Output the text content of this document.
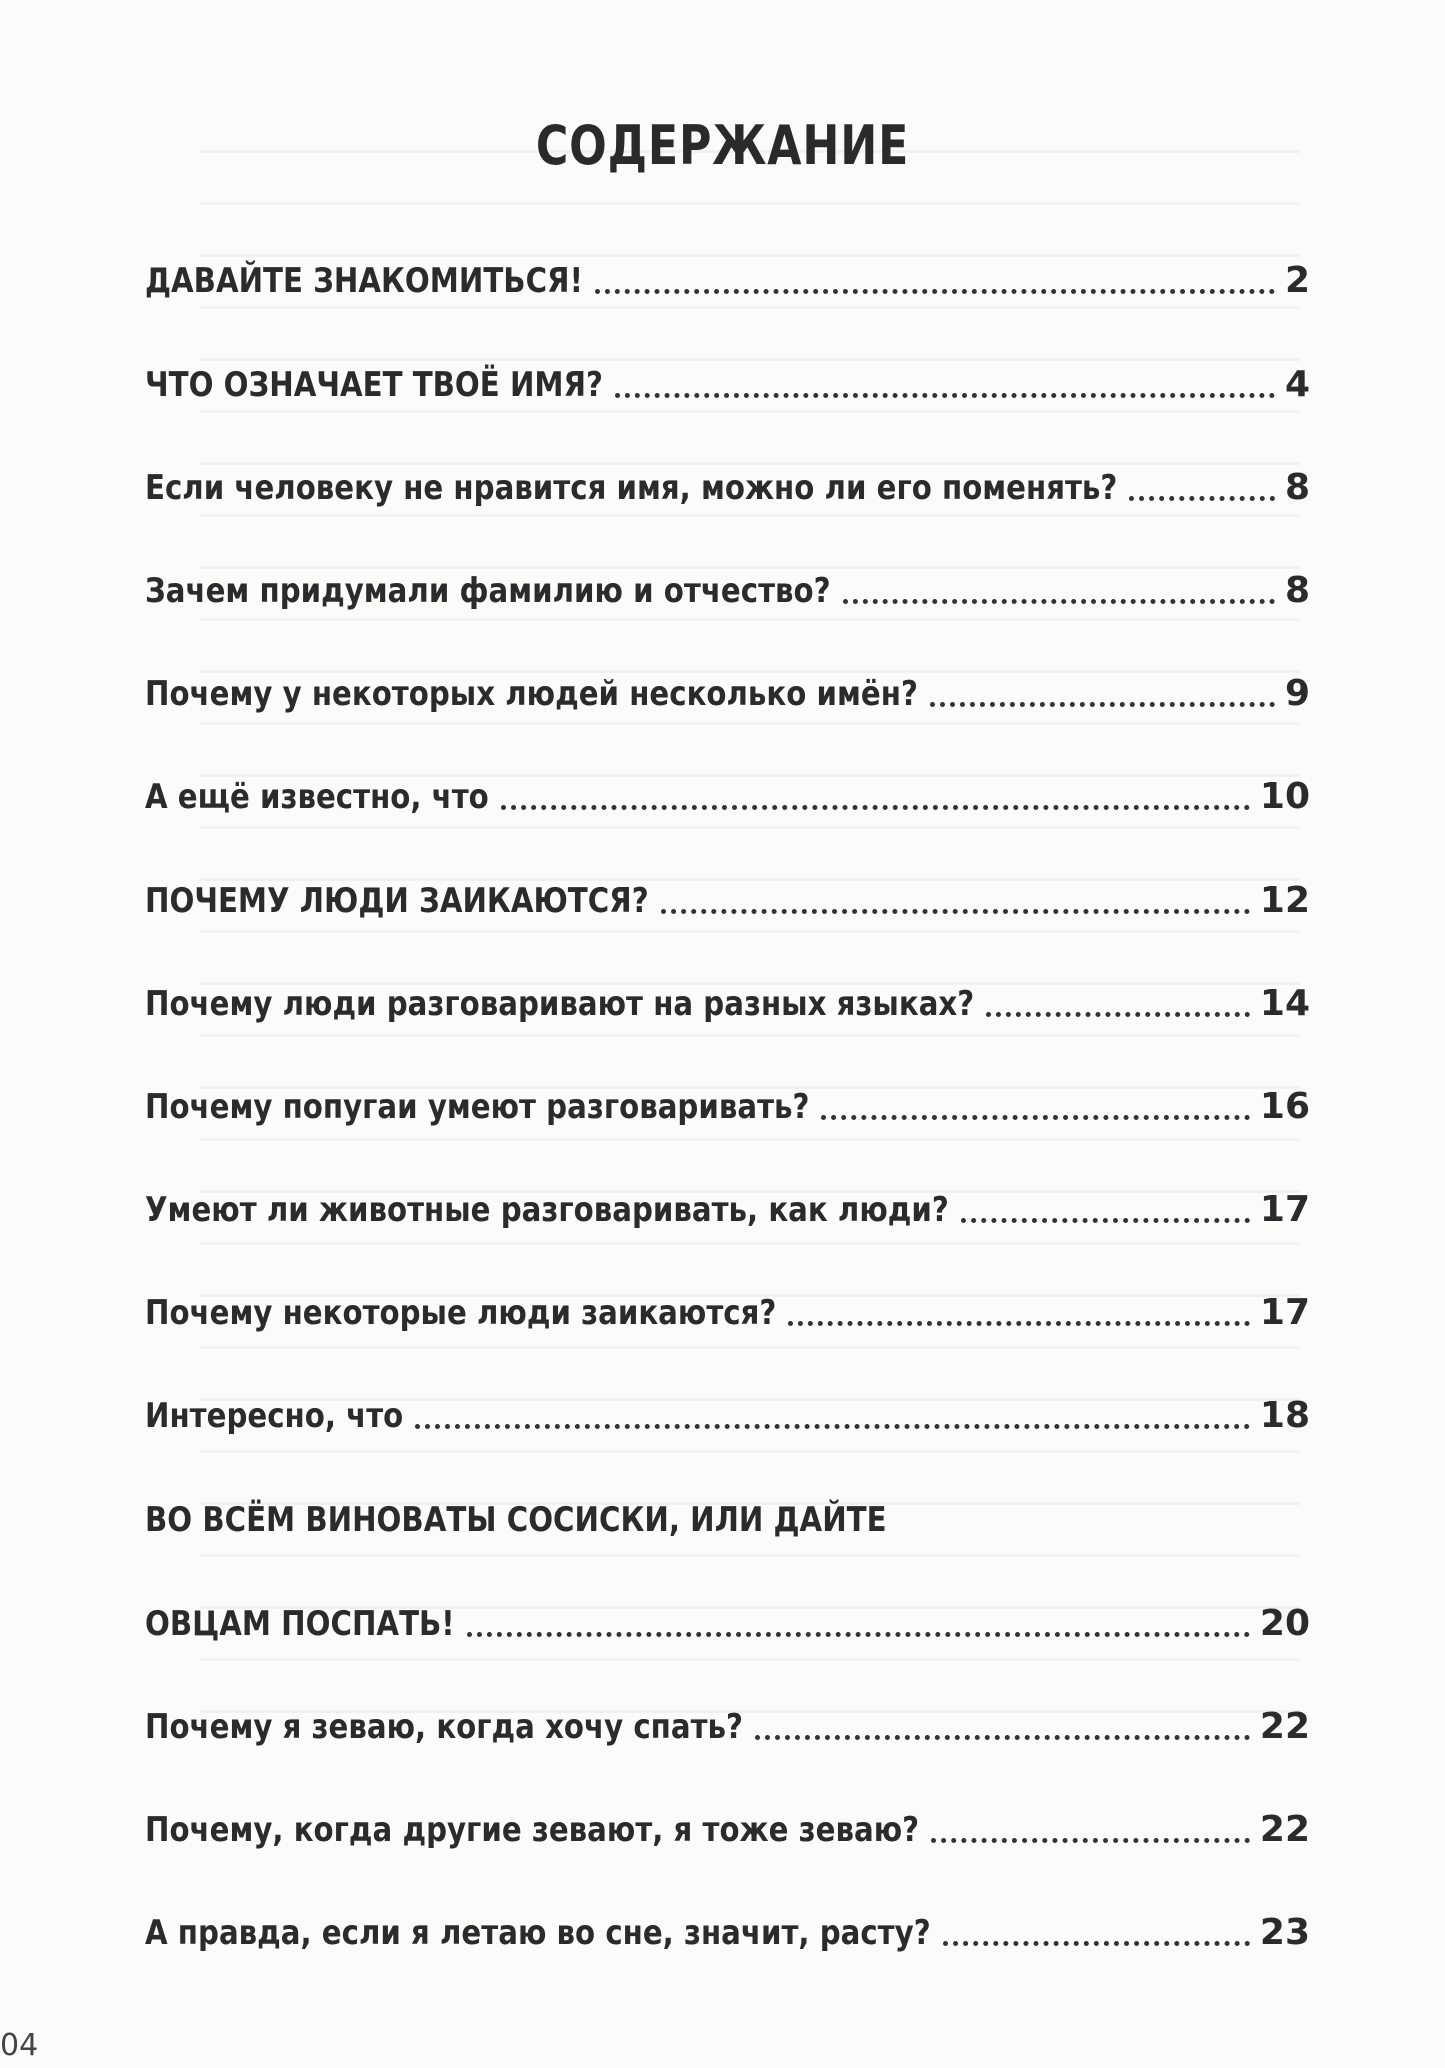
СОДЕРЖАНИЕ
ДАВАЙТЕ ЗНАКОМИТЬСЯ!	2
ЧТО ОЗНАЧАЕТ ТВОЁ ИМЯ?	4
Если человеку не нравится имя, можно ли его поменять?	8
Зачем придумали фамилию и отчество?	8
Почему у некоторых людей несколько имён?	9
А ещё известно, что	10
ПОЧЕМУ ЛЮДИ ЗАИКАЮТСЯ?	12
Почему люди разговаривают на разных языках?	14
Почему попугаи умеют разговаривать?	16
Умеют ли животные разговаривать, как люди?	17
Почему некоторые люди заикаются?	17
Интересно, что	18
ВО ВСЁМ ВИНОВАТЫ СОСИСКИ, ИЛИ ДАЙТЕ
ОВЦАМ ПОСПАТЬ!	20
Почему я зеваю, когда хочу спать?	22
Почему, когда другие зевают, я тоже зеваю?	22
А правда, если я летаю во сне, значит, расту?	23
04
